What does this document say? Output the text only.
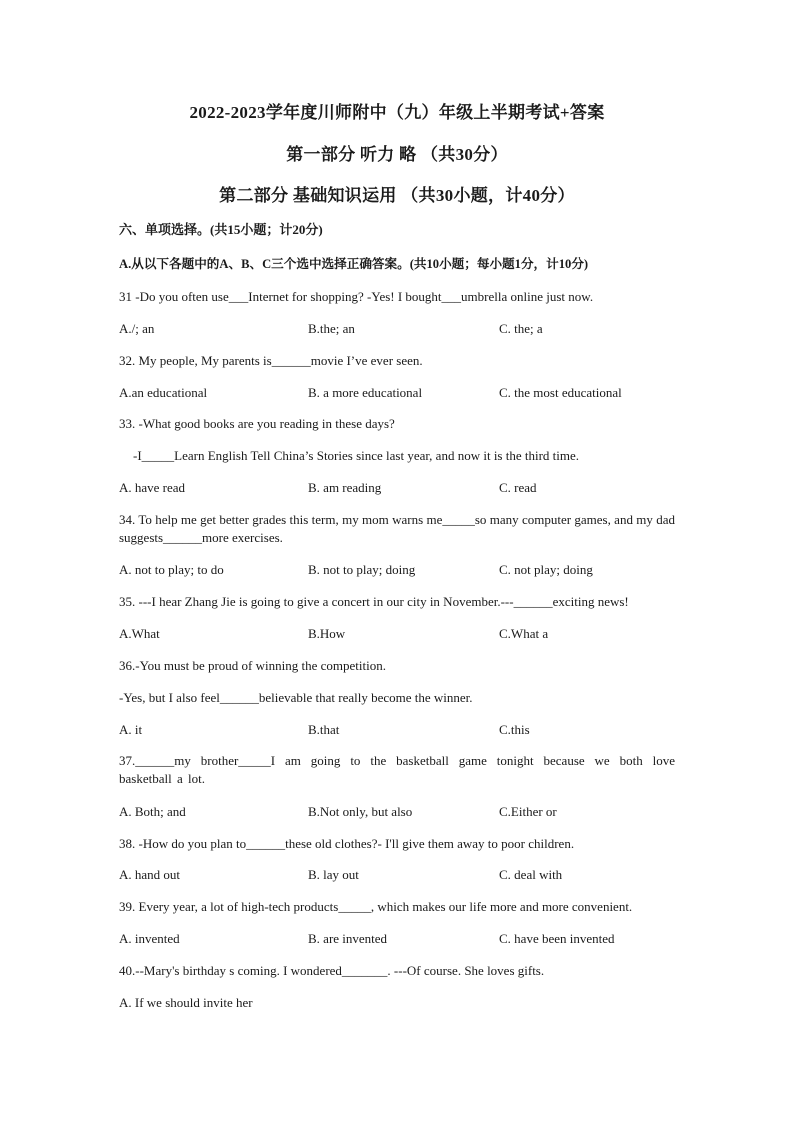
2022-2023学年度川师附中（九）年级上半期考试+答案
第一部分 听力 略 （共30分）
第二部分 基础知识运用 （共30小题，计40分）
六、单项选择。(共15小题；计20分)
A.从以下各题中的A、B、C三个选中选择正确答案。(共10小题；每小题1分，计10分)
31 -Do you often use___Internet for shopping? -Yes! I bought___umbrella online just now.
A./; an	B.the; an	C. the; a
32. My people, My parents is______movie I’ve ever seen.
A.an educational	B. a more educational	C. the most educational
33. -What good books are you reading in these days?
-I_____Learn English Tell China’s Stories since last year, and now it is the third time.
A. have read	B. am reading	C. read
34. To help me get better grades this term, my mom warns me_____so many computer games, and my dad suggests______more exercises.
A. not to play; to do	B. not to play; doing	C. not play; doing
35. ---I hear Zhang Jie is going to give a concert in our city in November.---______exciting news!
A.What	B.How	C.What a
36.-You must be proud of winning the competition.
-Yes, but I also feel______believable that really become the winner.
A. it	B.that	C.this
37.______my brother_____I am going to the basketball game tonight because we both love basketball a lot.
A. Both; and	B.Not only, but also	C.Either or
38. -How do you plan to______these old clothes?- I'll give them away to poor children.
A. hand out	B. lay out	C. deal with
39. Every year, a lot of high-tech products_____, which makes our life more and more convenient.
A. invented	B. are invented	C. have been invented
40.--Mary's birthday s coming. I wondered_______. ---Of course. She loves gifts.
A. If we should invite her
